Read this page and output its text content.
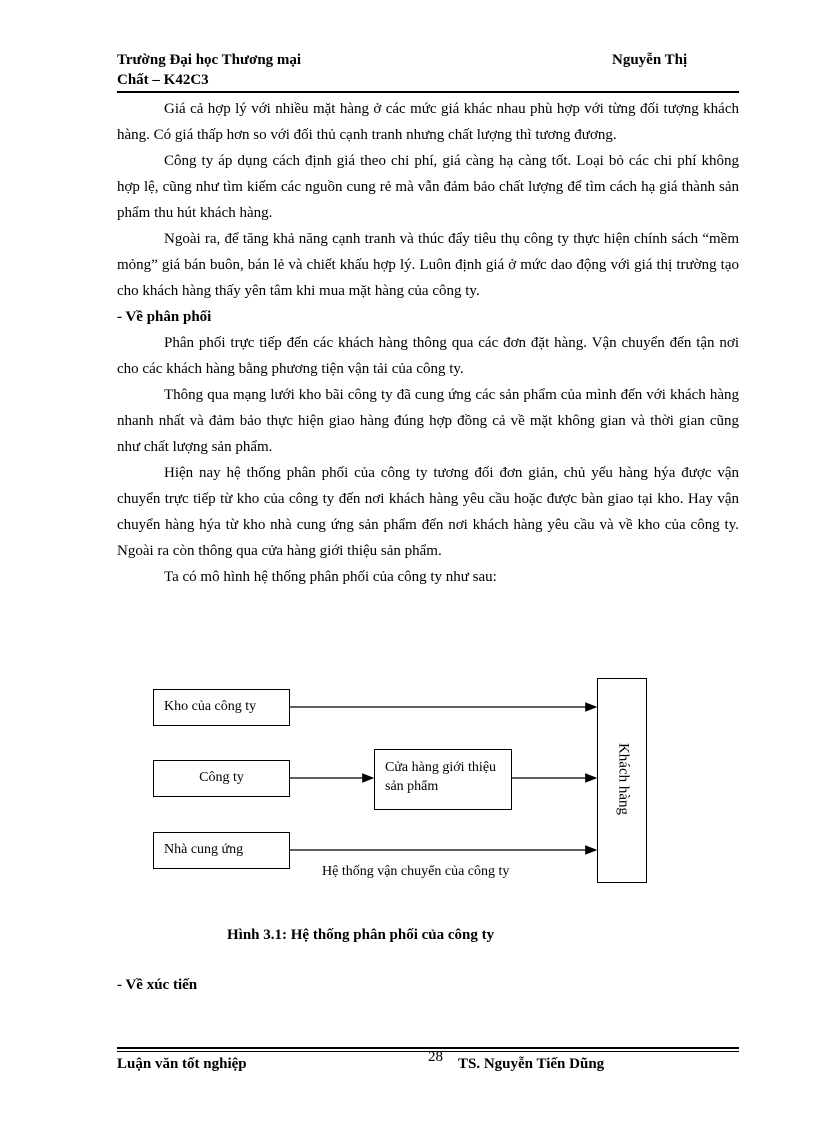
Trường Đại học Thương mại
Chất – K42C3
Nguyễn Thị

Giá cả hợp lý với nhiều mặt hàng ở các mức giá khác nhau phù hợp với từng đối tượng khách hàng. Có giá thấp hơn so với đối thủ cạnh tranh nhưng chất lượng thì tương đương.

Công ty áp dụng cách định giá theo chi phí, giá càng hạ càng tốt. Loại bỏ các chi phí không hợp lệ, cũng như tìm kiếm các nguồn cung rẻ mà vẫn đảm bảo chất lượng để tìm cách hạ giá thành sản phẩm thu hút khách hàng.

Ngoài ra, để tăng khả năng cạnh tranh và thúc đẩy tiêu thụ công ty thực hiện chính sách “mềm mỏng” giá bán buôn, bán lẻ và chiết khấu hợp lý. Luôn định giá ở mức dao động với giá thị trường tạo cho khách hàng thấy yên tâm khi mua mặt hàng của công ty.

- Về phân phối

Phân phối trực tiếp đến các khách hàng thông qua các đơn đặt hàng. Vận chuyển đến tận nơi cho các khách hàng bằng phương tiện vận tải của công ty.

Thông qua mạng lưới kho bãi công ty đã cung ứng các sản phẩm của mình đến với khách hàng nhanh nhất và đảm bảo thực hiện giao hàng đúng hợp đồng cả về mặt không gian và thời gian cũng như chất lượng sản phẩm.

Hiện nay hệ thống phân phối của công ty tương đối đơn giản, chủ yếu hàng hýa được vận chuyển trực tiếp từ kho của công ty đến nơi khách hàng yêu cầu hoặc được bàn giao tại kho. Hay vận chuyển hàng hýa từ kho nhà cung ứng sản phẩm đến nơi khách hàng yêu cầu và về kho của công ty. Ngoài ra còn thông qua cửa hàng giới thiệu sản phẩm.

Ta có mô hình hệ thống phân phối của công ty như sau:

Kho của công ty
Công ty
Nhà cung ứng
Cửa hàng giới thiệu sản phẩm	Khách hàng
Hệ thống vận chuyển của công ty
Hình 3.1: Hệ thống phân phối của công ty
- Về xúc tiến
Luận văn tốt nghiệp	28 TS. Nguyễn Tiến Dũng
